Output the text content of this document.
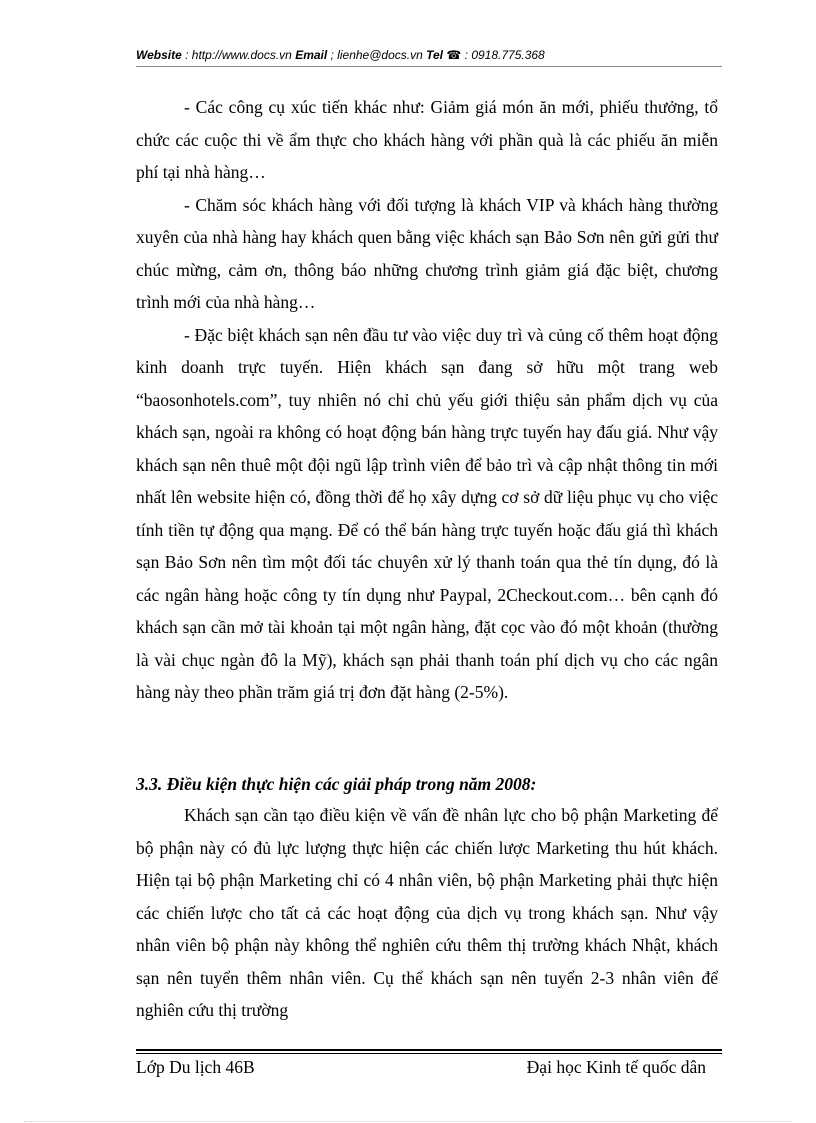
Website : http://www.docs.vn Email ; lienhe@docs.vn Tel ☎ : 0918.775.368

- Các công cụ xúc tiến khác như: Giảm giá món ăn mới, phiếu thưởng, tổ chức các cuộc thi về ẩm thực cho khách hàng với phần quà là các phiếu ăn miễn phí tại nhà hàng…

- Chăm sóc khách hàng với đối tượng là khách VIP và khách hàng thường xuyên của nhà hàng hay khách quen bằng việc khách sạn Bảo Sơn nên gửi gửi thư chúc mừng, cảm ơn, thông báo những chương trình giảm giá đặc biệt, chương trình mới của nhà hàng…

- Đặc biệt khách sạn nên đầu tư vào việc duy trì và củng cố thêm hoạt động kinh doanh trực tuyến. Hiện khách sạn đang sở hữu một trang web “baosonhotels.com”, tuy nhiên nó chỉ chủ yếu giới thiệu sản phẩm dịch vụ của khách sạn, ngoài ra không có hoạt động bán hàng trực tuyến hay đấu giá. Như vậy khách sạn nên thuê một đội ngũ lập trình viên để bảo trì và cập nhật thông tin mới nhất lên website hiện có, đồng thời để họ xây dựng cơ sở dữ liệu phục vụ cho việc tính tiền tự động qua mạng. Để có thể bán hàng trực tuyến hoặc đấu giá thì khách sạn Bảo Sơn nên tìm một đối tác chuyên xử lý thanh toán qua thẻ tín dụng, đó là các ngân hàng hoặc công ty tín dụng như Paypal, 2Checkout.com… bên cạnh đó khách sạn cần mở tài khoản tại một ngân hàng, đặt cọc vào đó một khoản (thường là vài chục ngàn đô la Mỹ), khách sạn phải thanh toán phí dịch vụ cho các ngân hàng này theo phần trăm giá trị đơn đặt hàng (2-5%).

3.3. Điều kiện thực hiện các giải pháp trong năm 2008:

Khách sạn cần tạo điều kiện về vấn đề nhân lực cho bộ phận Marketing để bộ phận này có đủ lực lượng thực hiện các chiến lược Marketing thu hút khách. Hiện tại bộ phận Marketing chỉ có 4 nhân viên, bộ phận Marketing phải thực hiện các chiến lược cho tất cả các hoạt động của dịch vụ trong khách sạn. Như vậy nhân viên bộ phận này không thể nghiên cứu thêm thị trường khách Nhật, khách sạn nên tuyển thêm nhân viên. Cụ thể khách sạn nên tuyển 2-3 nhân viên để nghiên cứu thị trường

Lớp Du lịch 46B	Đại học Kinh tế quốc dân
